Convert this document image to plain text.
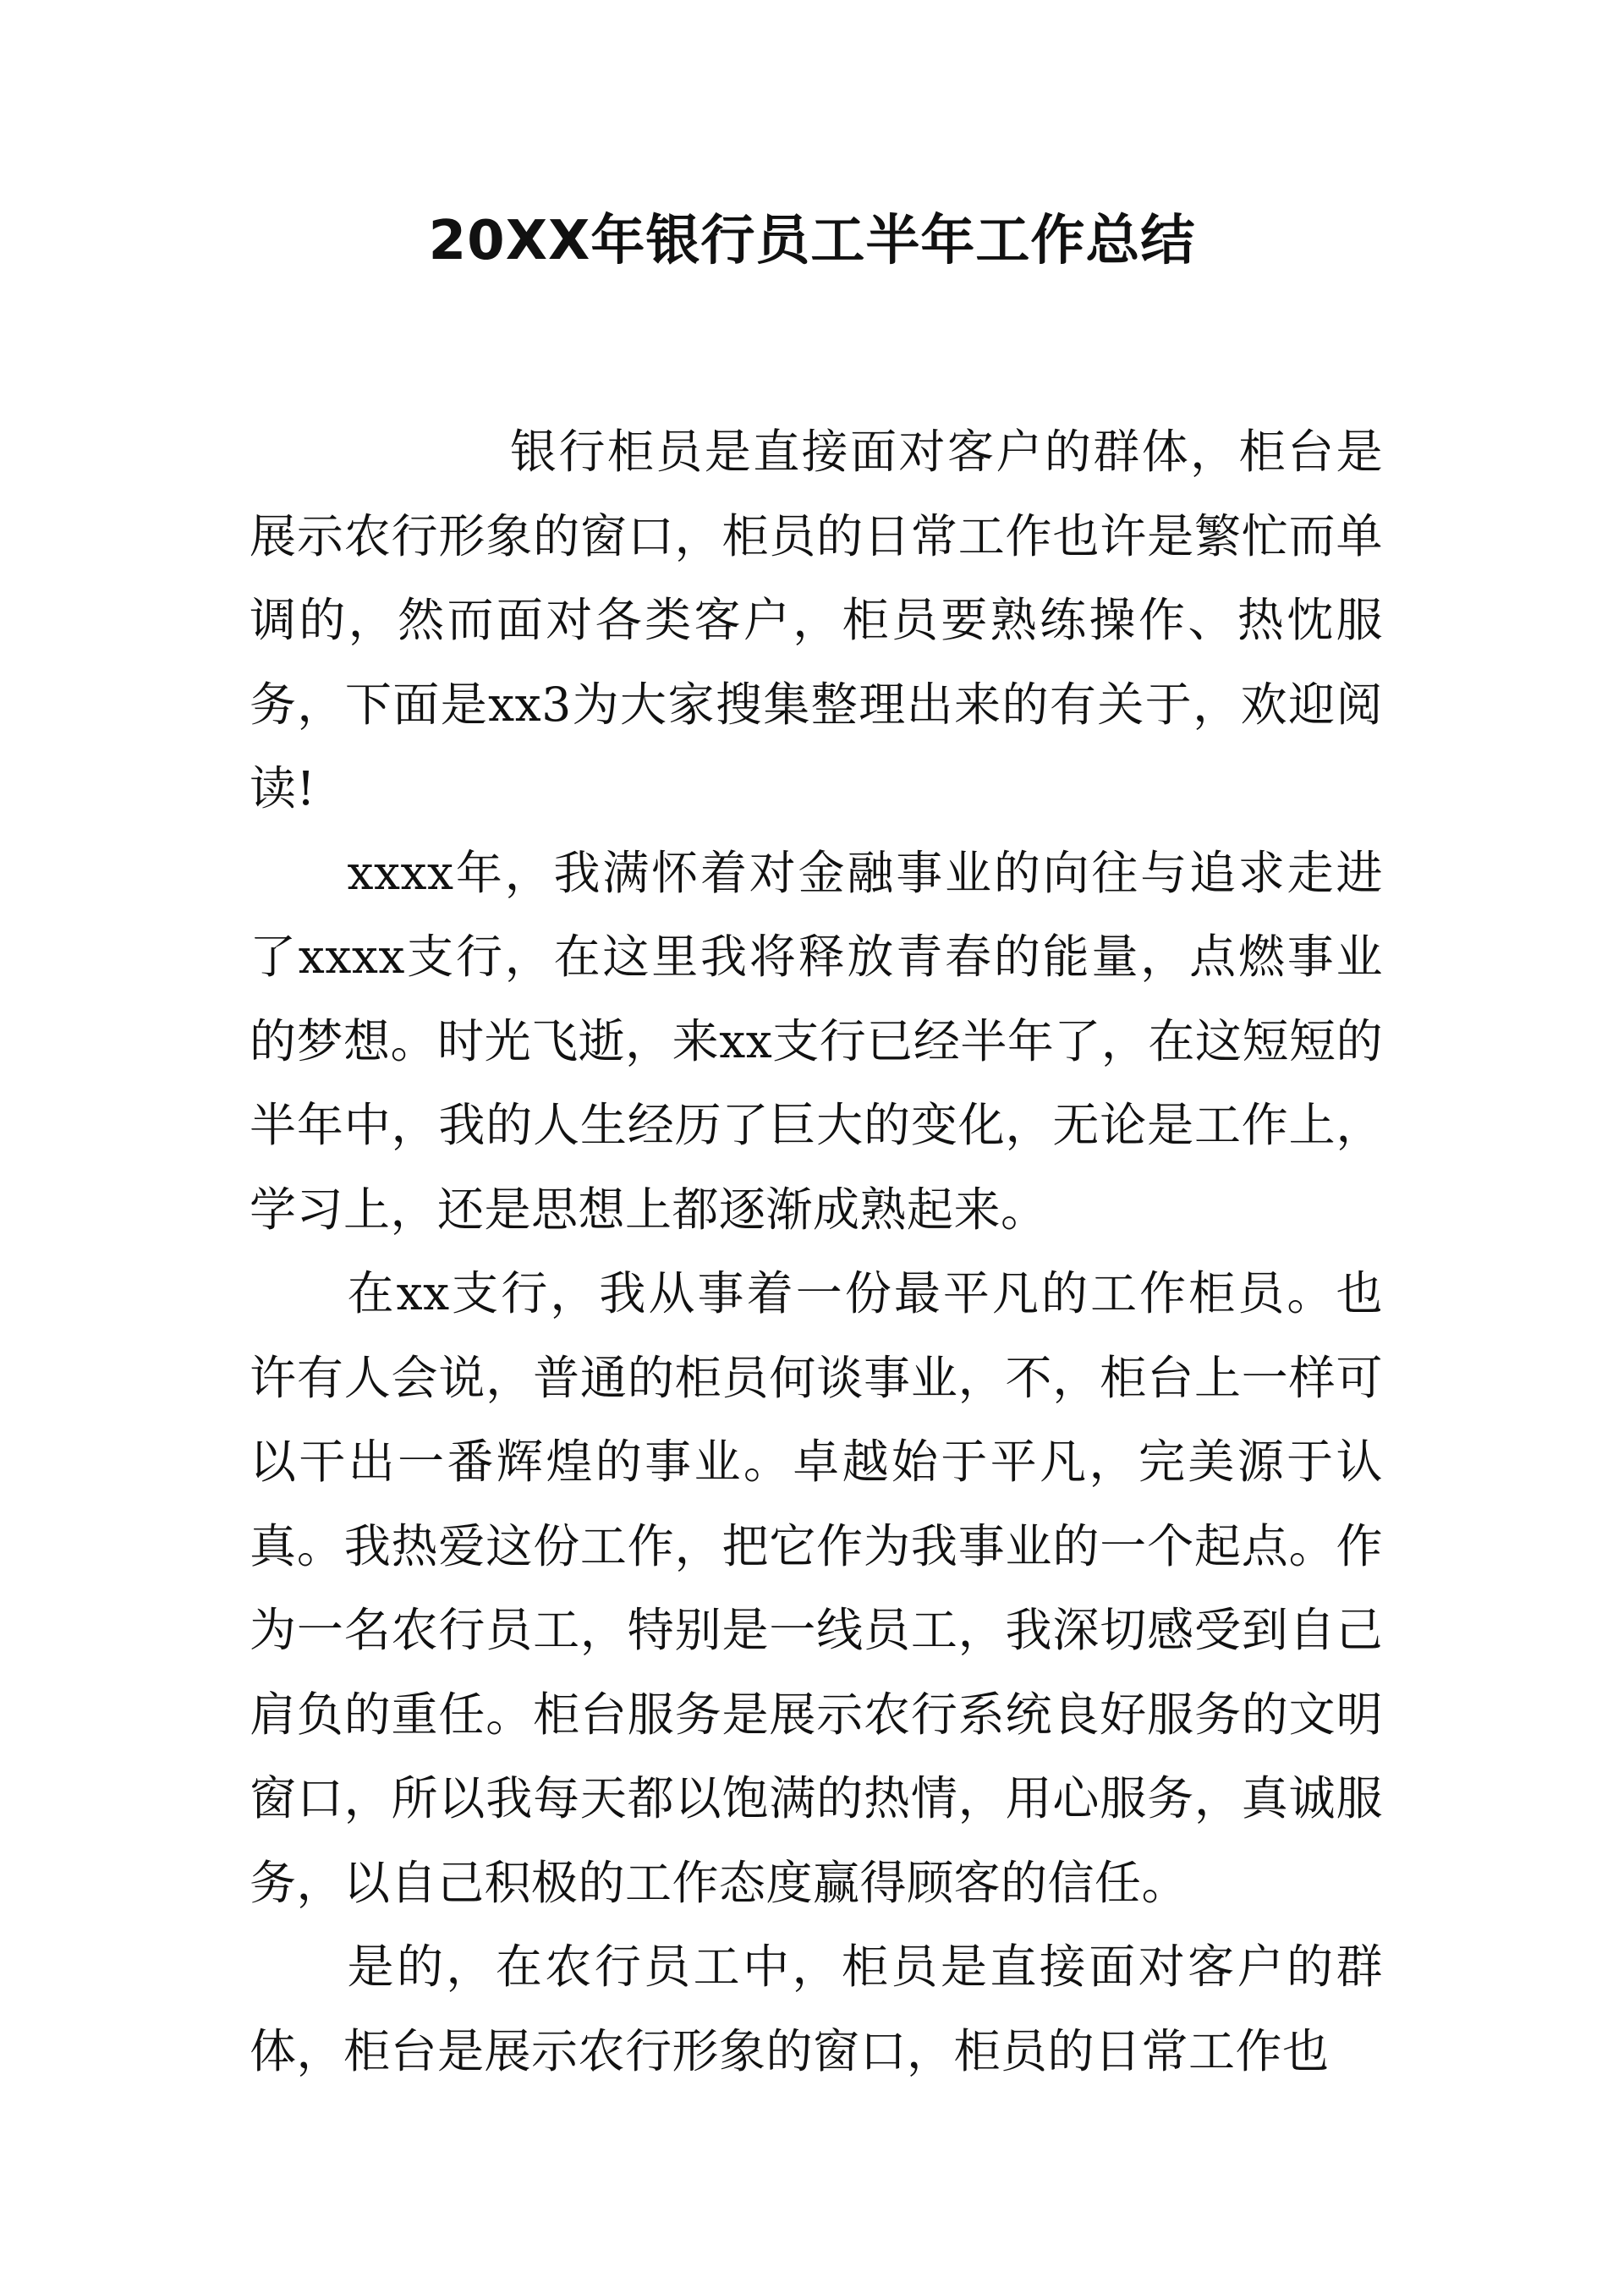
20XX年银行员工半年工作总结

银行柜员是直接面对客户的群体，柜台是展示农行形象的窗口，柜员的日常工作也许是繁忙而单调的，然而面对各类客户，柜员要熟练操作、热忱服务，下面是xx3为大家搜集整理出来的有关于，欢迎阅读!

xxxx年，我满怀着对金融事业的向往与追求走进了xxxx支行，在这里我将释放青春的能量，点燃事业的梦想。时光飞逝，来xx支行已经半年了，在这短短的半年中，我的人生经历了巨大的变化，无论是工作上，学习上，还是思想上都逐渐成熟起来。

在xx支行，我从事着一份最平凡的工作柜员。也许有人会说，普通的柜员何谈事业，不，柜台上一样可以干出一番辉煌的事业。卓越始于平凡，完美源于认真。我热爱这份工作，把它作为我事业的一个起点。作为一名农行员工，特别是一线员工，我深切感受到自己肩负的重任。柜台服务是展示农行系统良好服务的文明窗口，所以我每天都以饱满的热情，用心服务，真诚服务，以自己积极的工作态度赢得顾客的信任。

是的，在农行员工中，柜员是直接面对客户的群体，柜台是展示农行形象的窗口，柜员的日常工作也
